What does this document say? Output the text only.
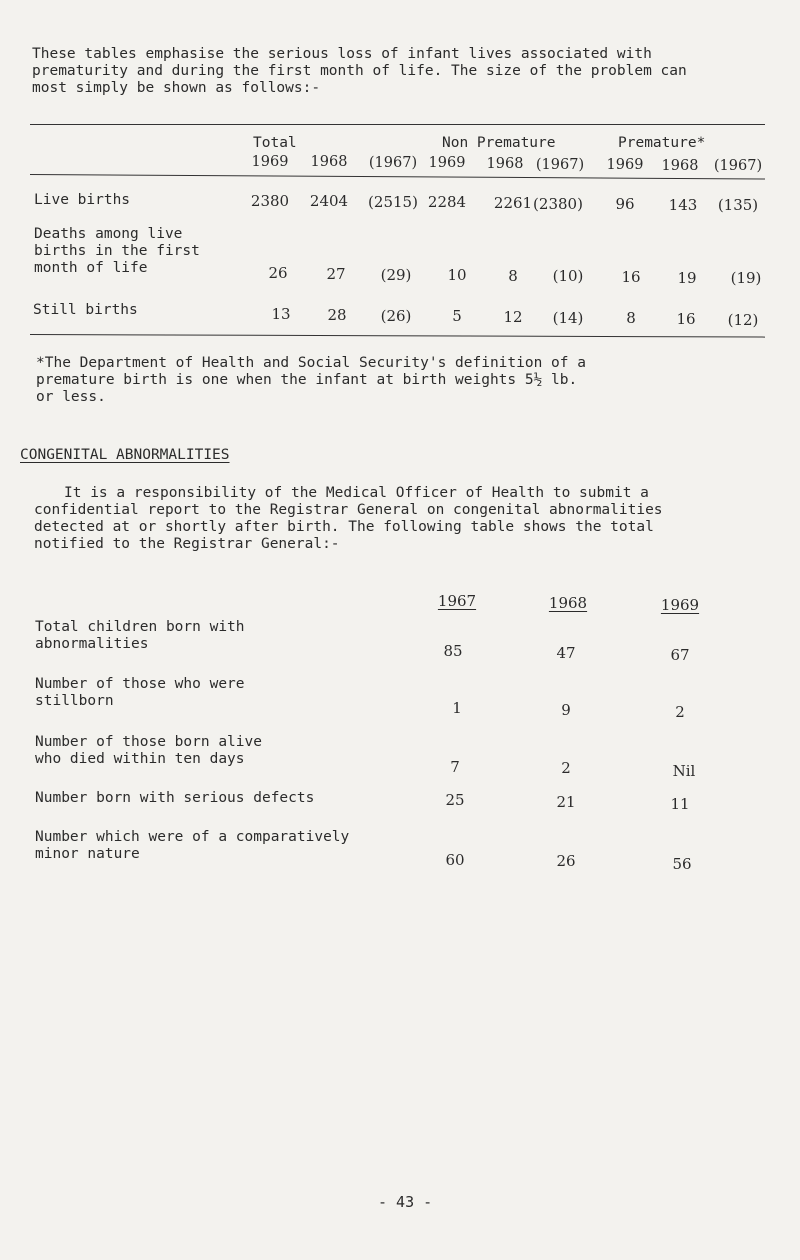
These tables emphasise the serious loss of infant lives associated with
prematurity and during the first month of life. The size of the problem can
most simply be shown as follows:-
Total	Non Premature	Premature*
1969 1968 (1967) 1969 1968 (1967) 1969 1968 (1967)
Live births	2380 2404 (2515) 2284 2261 (2380) 96 143 (135)
Deaths among live
births in the first
month of life	26	27 (29) 10	8 (10)	16 19 (19)
Still births	13 28 (26)	5	12 (14)	8	16 (12)
*The Department of Health and Social Security's definition of a
premature birth is one when the infant at birth weights 5½ lb.
or less.
CONGENITAL ABNORMALITIES
It is a responsibility of the Medical Officer of Health to submit a
confidential report to the Registrar General on congenital abnormalities
detected at or shortly after birth. The following table shows the total
notified to the Registrar General:-
1967	1968	1969
Total children born with
abnormalities	85	47	67
Number of those who were
stillborn	1	9	2
Number of those born alive
who died within ten days	7	2	Nil
Number born with serious defects	25	21	11
Number which were of a comparatively
minor nature	60	26	56
- 43 -
